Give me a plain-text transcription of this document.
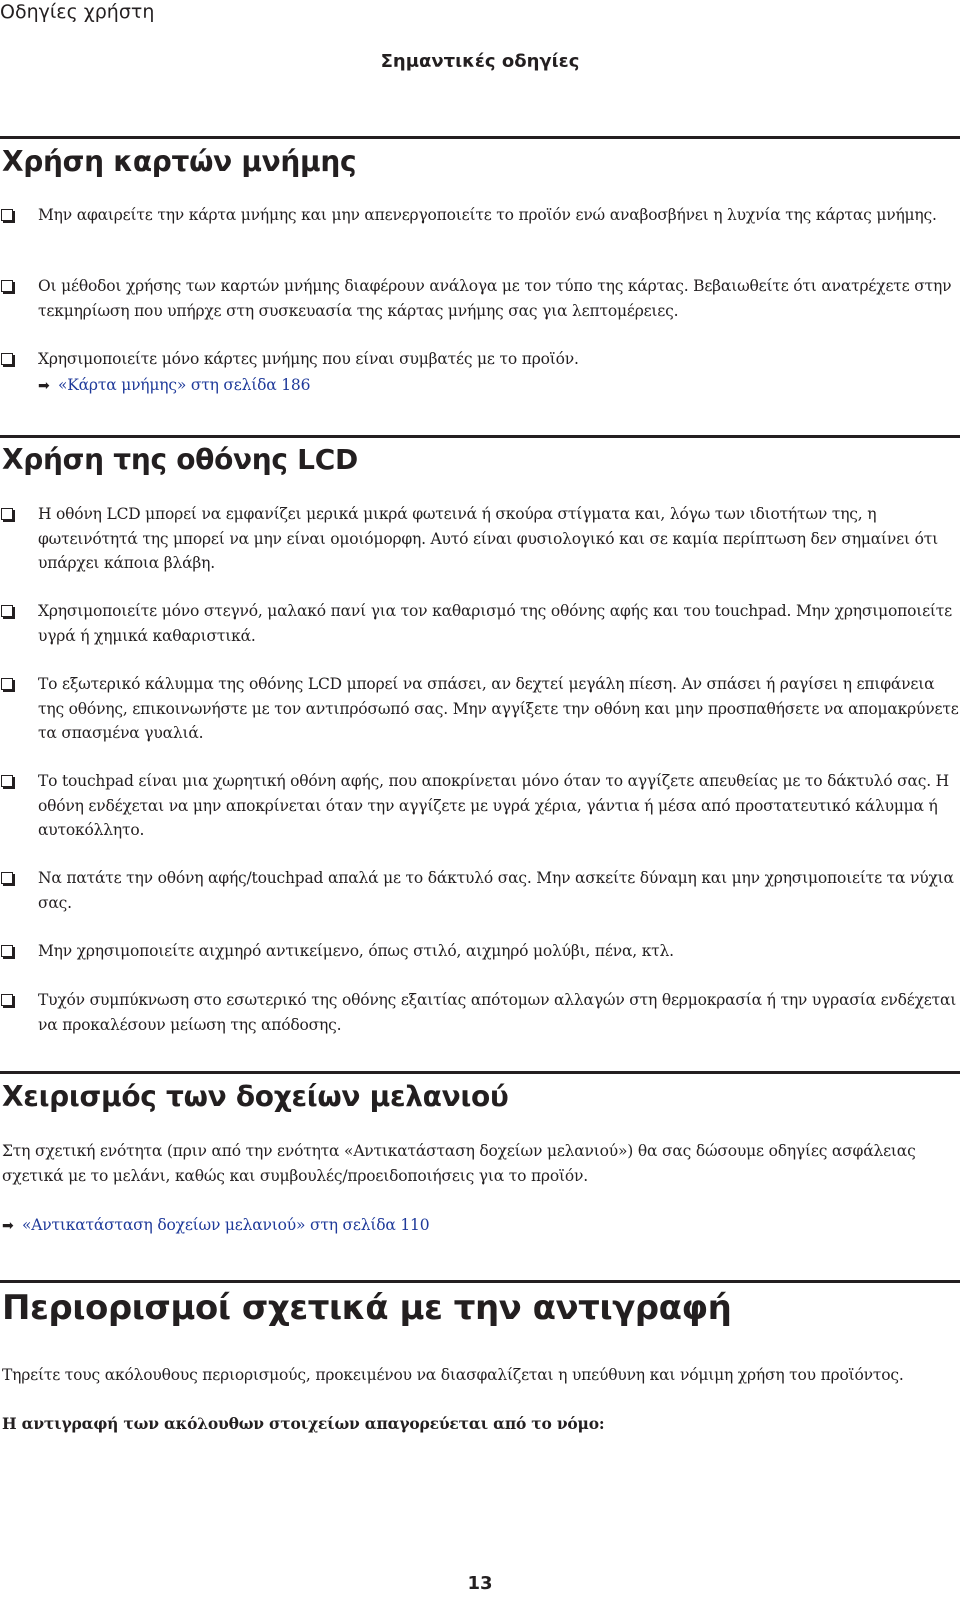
Οδηγίες χρήστη
Σημαντικές οδηγίες
Χρήση καρτών μνήμης
Μην αφαιρείτε την κάρτα μνήμης και μην απενεργοποιείτε το προϊόν ενώ αναβοσβήνει η λυχνία της κάρτας μνήμης.
Οι μέθοδοι χρήσης των καρτών μνήμης διαφέρουν ανάλογα με τον τύπο της κάρτας. Βεβαιωθείτε ότι ανατρέχετε στην τεκμηρίωση που υπήρχε στη συσκευασία της κάρτας μνήμης σας για λεπτομέρειες.
Χρησιμοποιείτε μόνο κάρτες μνήμης που είναι συμβατές με το προϊόν.
➡ «Κάρτα μνήμης» στη σελίδα 186
Χρήση της οθόνης LCD
Η οθόνη LCD μπορεί να εμφανίζει μερικά μικρά φωτεινά ή σκούρα στίγματα και, λόγω των ιδιοτήτων της, η φωτεινότητά της μπορεί να μην είναι ομοιόμορφη. Αυτό είναι φυσιολογικό και σε καμία περίπτωση δεν σημαίνει ότι υπάρχει κάποια βλάβη.
Χρησιμοποιείτε μόνο στεγνό, μαλακό πανί για τον καθαρισμό της οθόνης αφής και του touchpad. Μην χρησιμοποιείτε υγρά ή χημικά καθαριστικά.
Το εξωτερικό κάλυμμα της οθόνης LCD μπορεί να σπάσει, αν δεχτεί μεγάλη πίεση. Αν σπάσει ή ραγίσει η επιφάνεια της οθόνης, επικοινωνήστε με τον αντιπρόσωπό σας. Μην αγγίξετε την οθόνη και μην προσπαθήσετε να απομακρύνετε τα σπασμένα γυαλιά.
Το touchpad είναι μια χωρητική οθόνη αφής, που αποκρίνεται μόνο όταν το αγγίζετε απευθείας με το δάκτυλό σας. Η οθόνη ενδέχεται να μην αποκρίνεται όταν την αγγίζετε με υγρά χέρια, γάντια ή μέσα από προστατευτικό κάλυμμα ή αυτοκόλλητο.
Να πατάτε την οθόνη αφής/touchpad απαλά με το δάκτυλό σας. Μην ασκείτε δύναμη και μην χρησιμοποιείτε τα νύχια σας.
Μην χρησιμοποιείτε αιχμηρό αντικείμενο, όπως στιλό, αιχμηρό μολύβι, πένα, κτλ.
Τυχόν συμπύκνωση στο εσωτερικό της οθόνης εξαιτίας απότομων αλλαγών στη θερμοκρασία ή την υγρασία ενδέχεται να προκαλέσουν μείωση της απόδοσης.
Χειρισμός των δοχείων μελανιού
Στη σχετική ενότητα (πριν από την ενότητα «Αντικατάσταση δοχείων μελανιού») θα σας δώσουμε οδηγίες ασφάλειας σχετικά με το μελάνι, καθώς και συμβουλές/προειδοποιήσεις για το προϊόν.
➡ «Αντικατάσταση δοχείων μελανιού» στη σελίδα 110
Περιορισμοί σχετικά με την αντιγραφή
Τηρείτε τους ακόλουθους περιορισμούς, προκειμένου να διασφαλίζεται η υπεύθυνη και νόμιμη χρήση του προϊόντος.
Η αντιγραφή των ακόλουθων στοιχείων απαγορεύεται από το νόμο:
13
